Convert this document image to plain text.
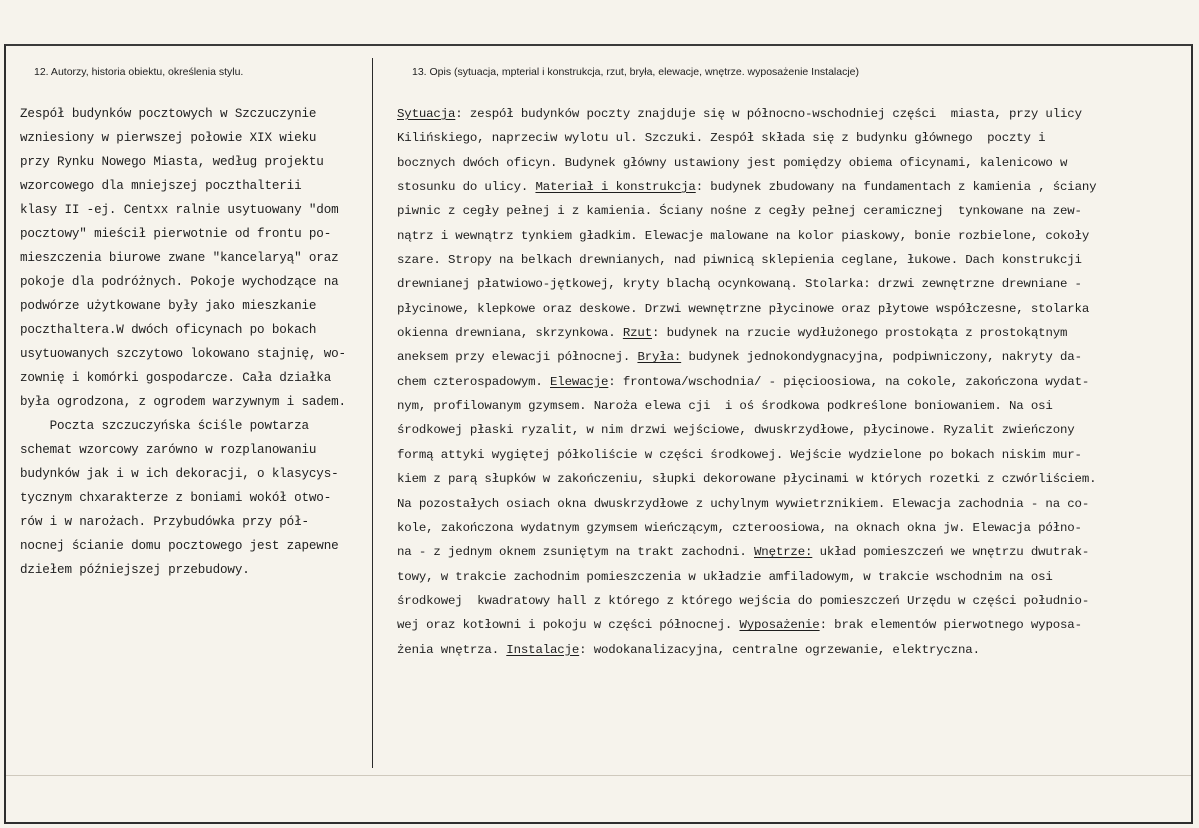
12. Autorzy, historia obiektu, określenia stylu.	13. Opis (sytuacja, mpterial i konstrukcja, rzut, bryła, elewacje, wnętrze. wyposażenie Instalacje)
Zespół budynków pocztowych w Szczuczynie
wzniesiony w pierwszej połowie XIX wieku
przy Rynku Nowego Miasta, według projektu
wzorcowego dla mniejszej poczthalterii
klasy II -ej. Centxx ralnie usytuowany "dom
pocztowy" mieścił pierwotnie od frontu po-
mieszczenia biurowe zwane "kancelaryą" oraz
pokoje dla podróżnych. Pokoje wychodzące na
podwórze użytkowane były jako mieszkanie
poczthaltera.W dwóch oficynach po bokach
usytuowanych szczytowo lokowano stajnię, wo-
zownię i komórki gospodarcze. Cała działka
była ogrodzona, z ogrodem warzywnym i sadem.
Poczta szczuczyńska ściśle powtarza
schemat wzorcowy zarówno w rozplanowaniu
budynków jak i w ich dekoracji, o klasycys-
tycznym chxarakterze z boniami wokół otwo-
rów i w narożach. Przybudówka przy pół-
nocnej ścianie domu pocztowego jest zapewne
dziełem późniejszej przebudowy.
Sytuacja: zespół budynków poczty znajduje się w północno-wschodniej części  miasta, przy ulicy
Kilińskiego, naprzeciw wylotu ul. Szczuki. Zespół składa się z budynku głównego  poczty i
bocznych dwóch oficyn. Budynek główny ustawiony jest pomiędzy obiema oficynami, kalenicowo w
stosunku do ulicy. Materiał i konstrukcja: budynek zbudowany na fundamentach z kamienia , ściany
piwnic z cegły pełnej i z kamienia. Ściany nośne z cegły pełnej ceramicznej  tynkowane na zew-
nątrz i wewnątrz tynkiem gładkim. Elewacje malowane na kolor piaskowy, bonie rozbielone, cokoły
szare. Stropy na belkach drewnianych, nad piwnicą sklepienia ceglane, łukowe. Dach konstrukcji
drewnianej płatwiowo-jętkowej, kryty blachą ocynkowaną. Stolarka: drzwi zewnętrzne drewniane -
płycinowe, klepkowe oraz deskowe. Drzwi wewnętrzne płycinowe oraz płytowe współczesne, stolarka
okienna drewniana, skrzynkowa. Rzut: budynek na rzucie wydłużonego prostokąta z prostokątnym
aneksem przy elewacji północnej. Bryła: budynek jednokondygnacyjna, podpiwniczony, nakryty da-
chem czterospadowym. Elewacje: frontowa/wschodnia/ - pięcioosiowa, na cokole, zakończona wydat-
nym, profilowanym gzymsem. Naroża elewa cji  i oś środkowa podkreślone boniowaniem. Na osi
środkowej płaski ryzalit, w nim drzwi wejściowe, dwuskrzydłowe, płycinowe. Ryzalit zwieńczony
formą attyki wygiętej półkoliście w części środkowej. Wejście wydzielone po bokach niskim mur-
kiem z parą słupków w zakończeniu, słupki dekorowane płycinami w których rozetki z czwórliściem.
Na pozostałych osiach okna dwuskrzydłowe z uchylnym wywietrznikiem. Elewacja zachodnia - na co-
kole, zakończona wydatnym gzymsem wieńczącym, czteroosiowa, na oknach okna jw. Elewacja półno-
na - z jednym oknem zsuniętym na trakt zachodni. Wnętrze: układ pomieszczeń we wnętrzu dwutrak-
towy, w trakcie zachodnim pomieszczenia w układzie amfiladowym, w trakcie wschodnim na osi
środkowej  kwadratowy hall z którego z którego wejścia do pomieszczeń Urzędu w części południo-
wej oraz kotłowni i pokoju w części północnej. Wyposażenie: brak elementów pierwotnego wyposa-
żenia wnętrza. Instalacje: wodokanalizacyjna, centralne ogrzewanie, elektryczna.
